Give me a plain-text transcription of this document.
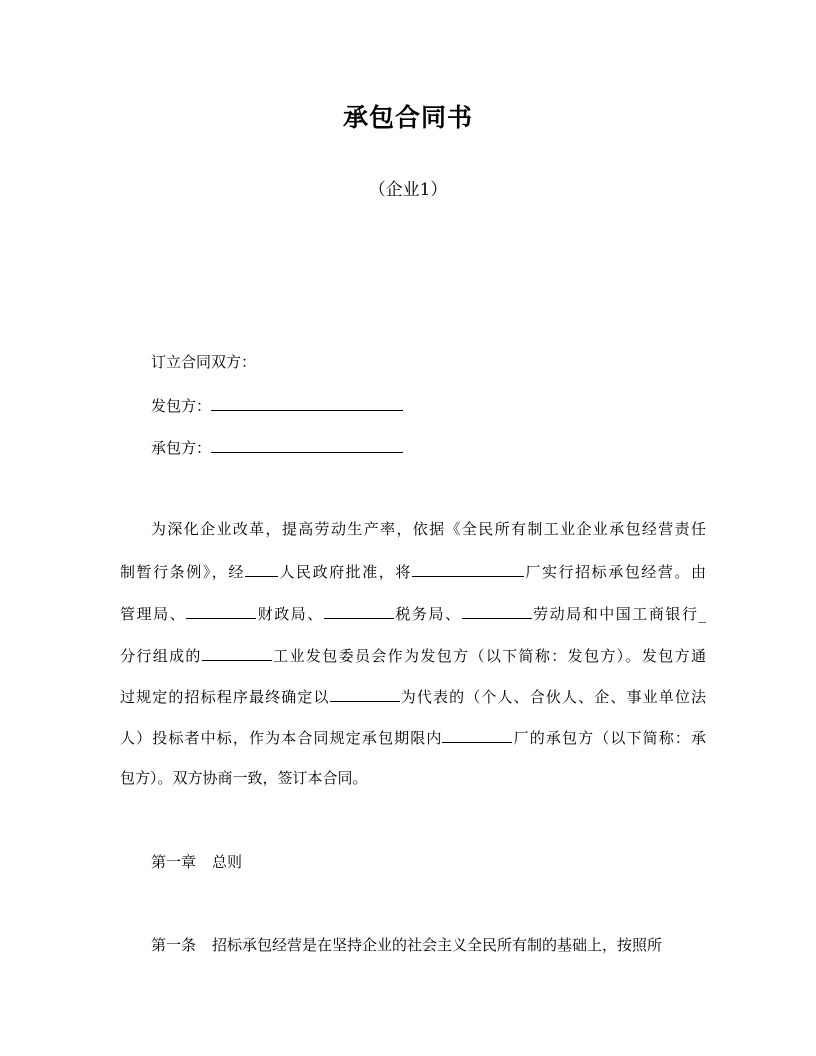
承包合同书
（企业1）
订立合同双方：
发包方：
承包方：
为深化企业改革，提高劳动生产率，依据《全民所有制工业企业承包经营责任
制暂行条例》，经 人民政府批准，将	厂实行招标承包经营。由
管理局、	财政局、	税务局、	劳动局和中国工商银行_
分行组成的	工业发包委员会作为发包方（以下简称：发包方）。发包方通
过规定的招标程序最终确定以	为代表的（个人、合伙人、企、事业单位法
人）投标者中标，作为本合同规定承包期限内	厂的承包方（以下简称：承
包方）。双方协商一致，签订本合同。
第一章 总则
第一条 招标承包经营是在坚持企业的社会主义全民所有制的基础上，按照所
